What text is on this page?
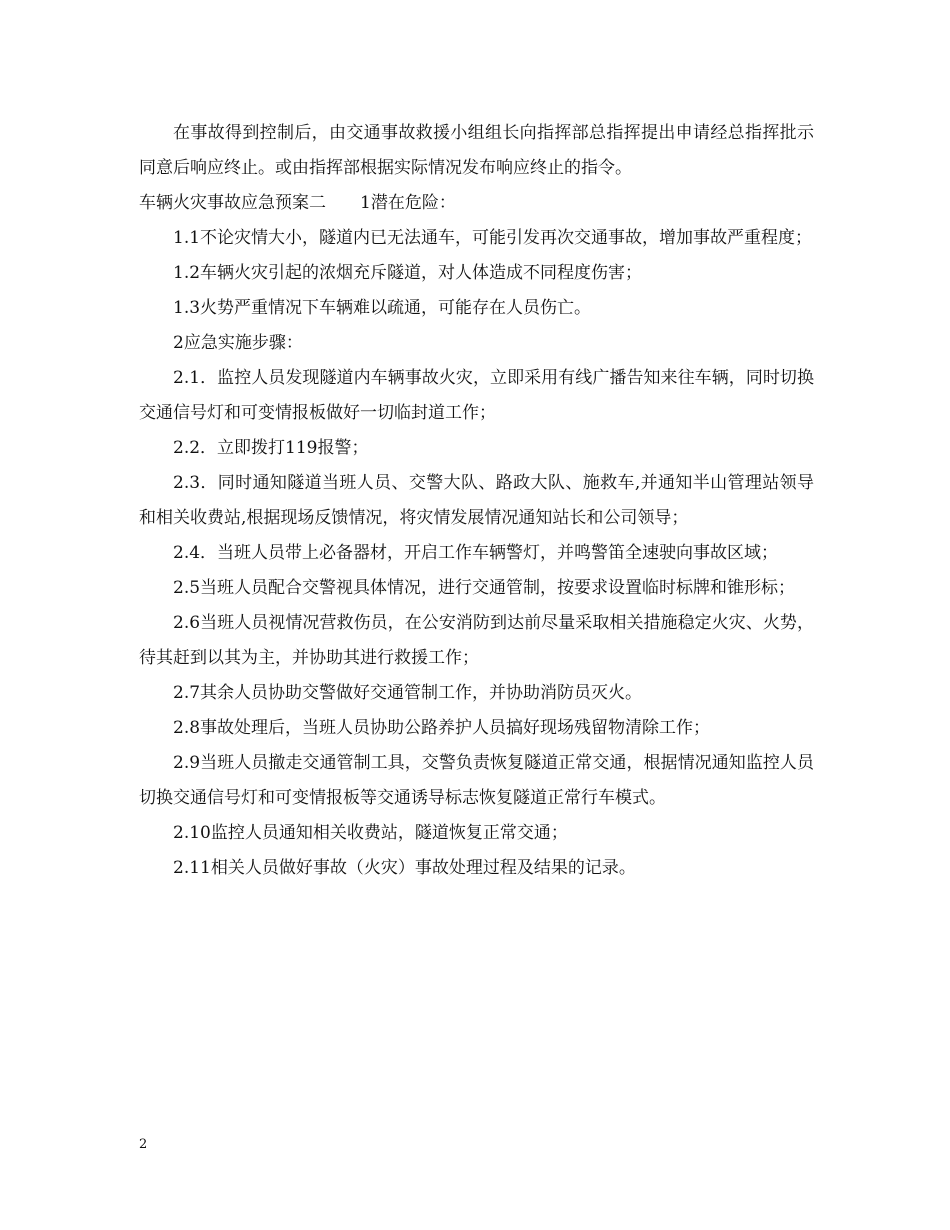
在事故得到控制后，由交通事故救援小组组长向指挥部总指挥提出申请经总指挥批示同意后响应终止。或由指挥部根据实际情况发布响应终止的指令。

车辆火灾事故应急预案二　　1潜在危险：

1.1不论灾情大小，隧道内已无法通车，可能引发再次交通事故，增加事故严重程度；

1.2车辆火灾引起的浓烟充斥隧道，对人体造成不同程度伤害；

1.3火势严重情况下车辆难以疏通，可能存在人员伤亡。

2应急实施步骤：

2.1．监控人员发现隧道内车辆事故火灾，立即采用有线广播告知来往车辆，同时切换交通信号灯和可变情报板做好一切临封道工作；

2.2．立即拨打119报警；

2.3．同时通知隧道当班人员、交警大队、路政大队、施救车,并通知半山管理站领导和相关收费站,根据现场反馈情况，将灾情发展情况通知站长和公司领导；

2.4．当班人员带上必备器材，开启工作车辆警灯，并鸣警笛全速驶向事故区域；

2.5当班人员配合交警视具体情况，进行交通管制，按要求设置临时标牌和锥形标；

2.6当班人员视情况营救伤员，在公安消防到达前尽量采取相关措施稳定火灾、火势，待其赶到以其为主，并协助其进行救援工作；

2.7其余人员协助交警做好交通管制工作，并协助消防员灭火。

2.8事故处理后，当班人员协助公路养护人员搞好现场残留物清除工作；

2.9当班人员撤走交通管制工具，交警负责恢复隧道正常交通，根据情况通知监控人员切换交通信号灯和可变情报板等交通诱导标志恢复隧道正常行车模式。

2.10监控人员通知相关收费站，隧道恢复正常交通；

2.11相关人员做好事故（火灾）事故处理过程及结果的记录。

2
